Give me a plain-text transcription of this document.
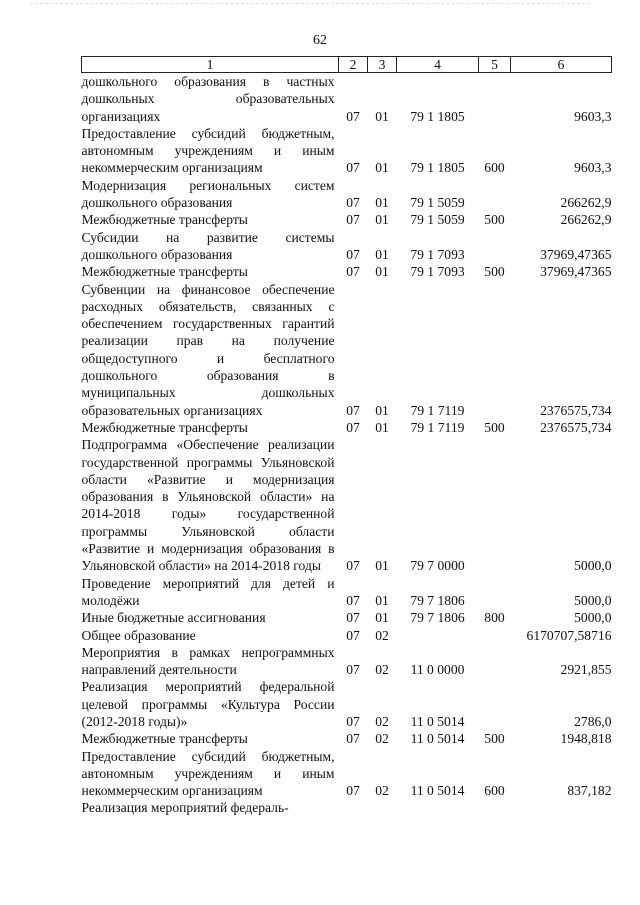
62
1	2	3	4	5	6
дошкольного образования в частных дошкольных образовательных организациях	07	01	79 1 1805		9603,3
Предоставление субсидий бюджетным, автономным учреждениям и иным некоммерческим организациям	07	01	79 1 1805	600	9603,3
Модернизация региональных систем дошкольного образования	07	01	79 1 5059		266262,9
Межбюджетные трансферты	07	01	79 1 5059	500	266262,9
Субсидии на развитие системы дошкольного образования	07	01	79 1 7093		37969,47365
Межбюджетные трансферты	07	01	79 1 7093	500	37969,47365
Субвенции на финансовое обеспечение расходных обязательств, связанных с обеспечением государственных гарантий реализации прав на получение общедоступного и бесплатного дошкольного образования в муниципальных дошкольных образовательных организациях	07	01	79 1 7119		2376575,734
Межбюджетные трансферты	07	01	79 1 7119	500	2376575,734
Подпрограмма «Обеспечение реализации государственной программы Ульяновской области «Развитие и модернизация образования в Ульяновской области» на 2014-2018 годы» государственной программы Ульяновской области «Развитие и модернизация образования в Ульяновской области» на 2014-2018 годы	07	01	79 7 0000		5000,0
Проведение мероприятий для детей и молодёжи	07	01	79 7 1806		5000,0
Иные бюджетные ассигнования	07	01	79 7 1806	800	5000,0
Общее образование	07	02			6170707,58716
Мероприятия в рамках непрограммных направлений деятельности	07	02	11 0 0000		2921,855
Реализация мероприятий федеральной целевой программы «Культура России (2012-2018 годы)»	07	02	11 0 5014		2786,0
Межбюджетные трансферты	07	02	11 0 5014	500	1948,818
Предоставление субсидий бюджетным, автономным учреждениям и иным некоммерческим организациям	07	02	11 0 5014	600	837,182
Реализация мероприятий федераль-					
